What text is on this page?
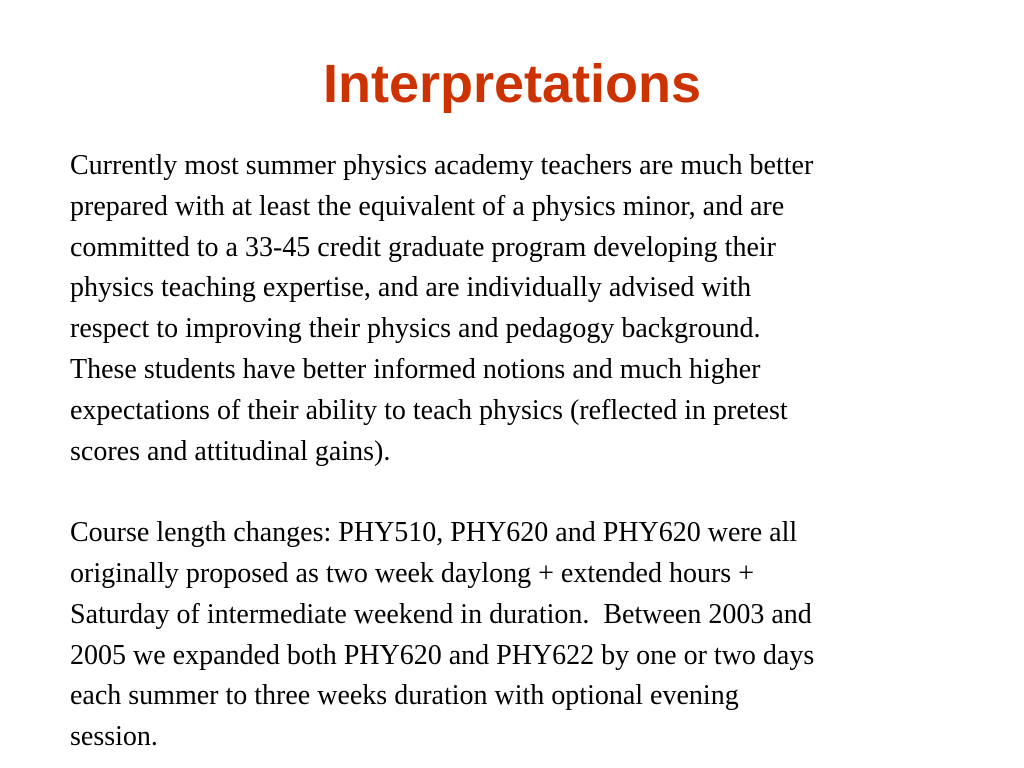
Interpretations
Currently most summer physics academy teachers are much better
prepared with at least the equivalent of a physics minor, and are
committed to a 33-45 credit graduate program developing their
physics teaching expertise, and are individually advised with
respect to improving their physics and pedagogy background.
These students have better informed notions and much higher
expectations of their ability to teach physics (reflected in pretest
scores and attitudinal gains).
Course length changes: PHY510, PHY620 and PHY620 were all
originally proposed as two week daylong + extended hours +
Saturday of intermediate weekend in duration.  Between 2003 and
2005 we expanded both PHY620 and PHY622 by one or two days
each summer to three weeks duration with optional evening
session.
